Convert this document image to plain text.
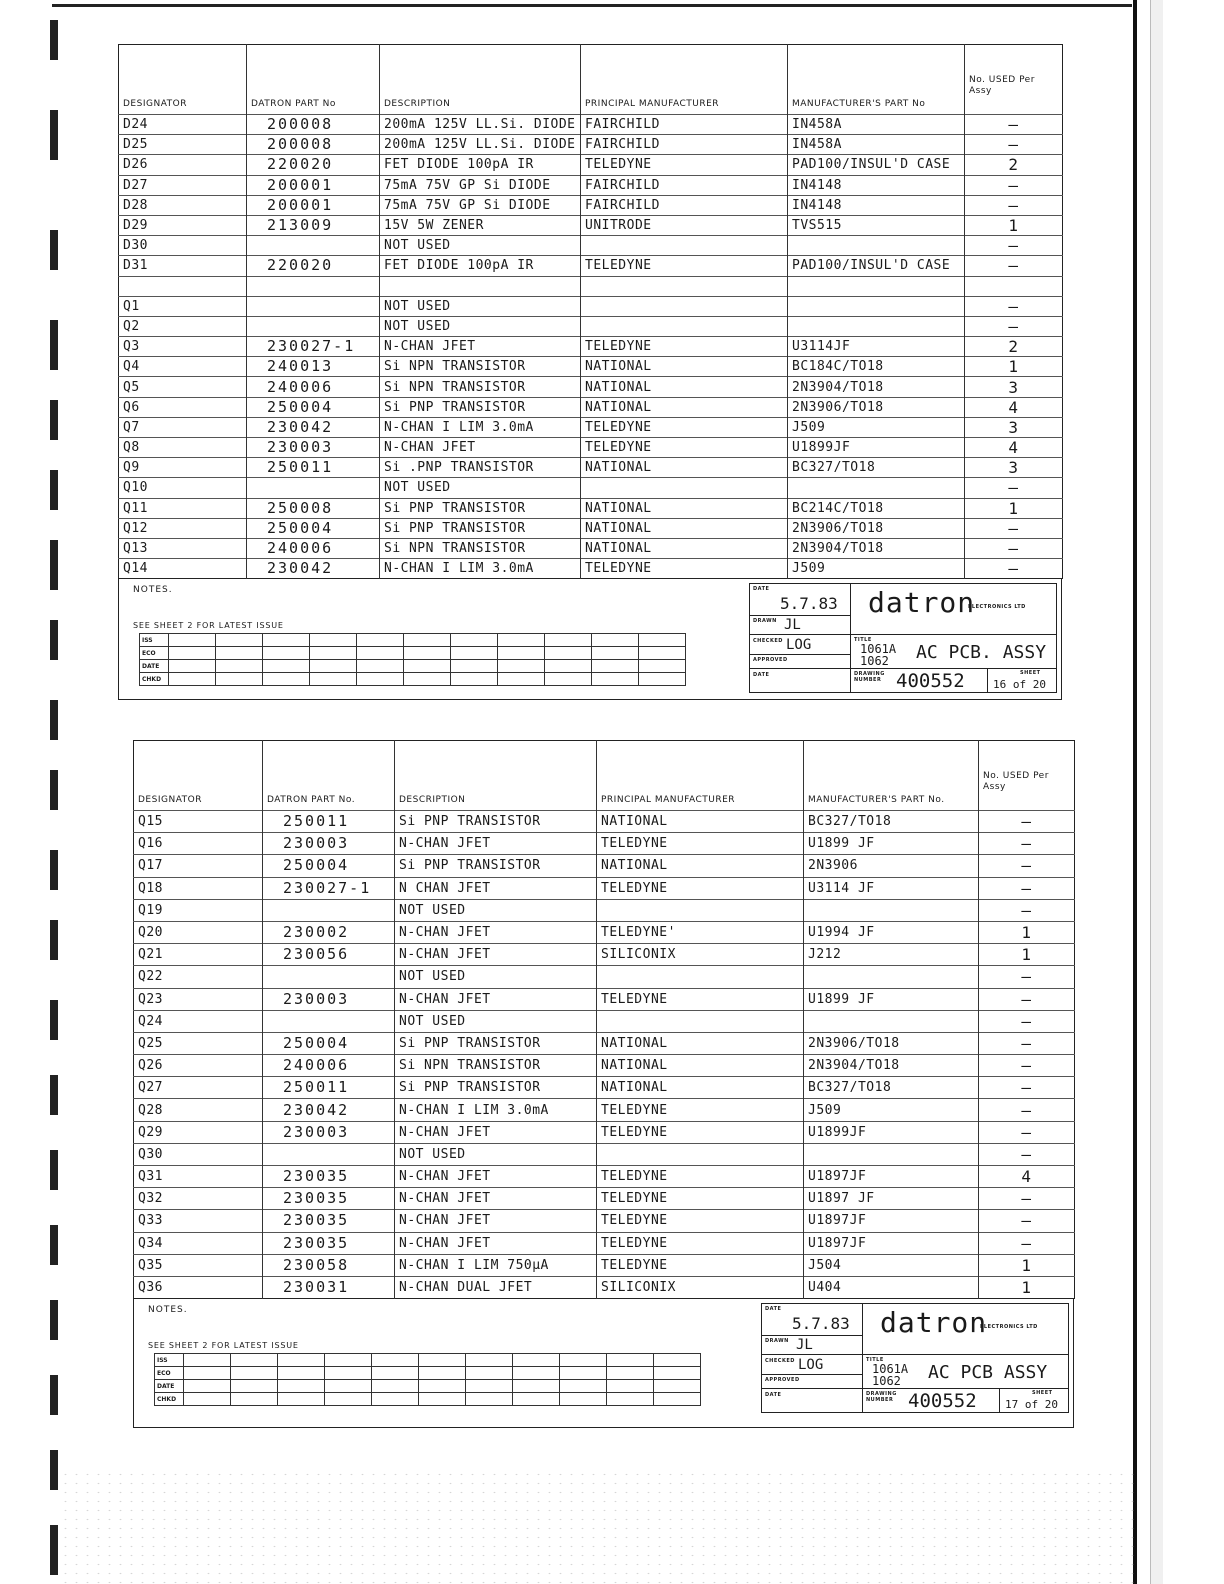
DESIGNATOR	DATRON PART No	DESCRIPTION	PRINCIPAL MANUFACTURER	MANUFACTURER'S PART No	No. USED Per Assy
D24	200008	200mA 125V LL.Si. DIODE	FAIRCHILD	IN458A	—
D25	200008	200mA 125V LL.Si. DIODE	FAIRCHILD	IN458A	—
D26	220020	FET DIODE 100pA IR	TELEDYNE	PAD100/INSUL'D CASE	2
D27	200001	75mA 75V GP Si DIODE	FAIRCHILD	IN4148	—
D28	200001	75mA 75V GP Si DIODE	FAIRCHILD	IN4148	—
D29	213009	15V 5W ZENER	UNITRODE	TVS515	1
D30		NOT USED			—
D31	220020	FET DIODE 100pA IR	TELEDYNE	PAD100/INSUL'D CASE	—

Q1		NOT USED			—
Q2		NOT USED			—
Q3	230027-1	N-CHAN JFET	TELEDYNE	U3114JF	2
Q4	240013	Si NPN TRANSISTOR	NATIONAL	BC184C/TO18	1
Q5	240006	Si NPN TRANSISTOR	NATIONAL	2N3904/TO18	3
Q6	250004	Si PNP TRANSISTOR	NATIONAL	2N3906/TO18	4
Q7	230042	N-CHAN I LIM 3.0mA	TELEDYNE	J509	3
Q8	230003	N-CHAN JFET	TELEDYNE	U1899JF	4
Q9	250011	Si .PNP TRANSISTOR	NATIONAL	BC327/TO18	3
Q10		NOT USED			—
Q11	250008	Si PNP TRANSISTOR	NATIONAL	BC214C/TO18	1
Q12	250004	Si PNP TRANSISTOR	NATIONAL	2N3906/TO18	—
Q13	240006	Si NPN TRANSISTOR	NATIONAL	2N3904/TO18	—
Q14	230042	N-CHAN I LIM 3.0mA	TELEDYNE	J509	—
NOTES.
SEE SHEET 2 FOR LATEST ISSUE
ISS											
ECO											
DATE											
CHKD											
DATE
5.7.83
DRAWN JL
CHECKED LOG
APPROVED
DATE
datron
ELECTRONICS LTD
TITLE
1061A
1062 AC PCB. ASSY
DRAWING NUMBER 400552	SHEET
16 of 20
DESIGNATOR	DATRON PART No.	DESCRIPTION	PRINCIPAL MANUFACTURER	MANUFACTURER'S PART No.	No. USED Per Assy
Q15	250011	Si PNP TRANSISTOR	NATIONAL	BC327/TO18	—
Q16	230003	N-CHAN JFET	TELEDYNE	U1899 JF	—
Q17	250004	Si PNP TRANSISTOR	NATIONAL	2N3906	—
Q18	230027-1	N CHAN JFET	TELEDYNE	U3114 JF	—
Q19		NOT USED			—
Q20	230002	N-CHAN JFET	TELEDYNE'	U1994 JF	1
Q21	230056	N-CHAN JFET	SILICONIX	J212	1
Q22		NOT USED			—
Q23	230003	N-CHAN JFET	TELEDYNE	U1899 JF	—
Q24		NOT USED			—
Q25	250004	Si PNP TRANSISTOR	NATIONAL	2N3906/TO18	—
Q26	240006	Si NPN TRANSISTOR	NATIONAL	2N3904/TO18	—
Q27	250011	Si PNP TRANSISTOR	NATIONAL	BC327/TO18	—
Q28	230042	N-CHAN I LIM 3.0mA	TELEDYNE	J509	—
Q29	230003	N-CHAN JFET	TELEDYNE	U1899JF	—
Q30		NOT USED			—
Q31	230035	N-CHAN JFET	TELEDYNE	U1897JF	4
Q32	230035	N-CHAN JFET	TELEDYNE	U1897 JF	—
Q33	230035	N-CHAN JFET	TELEDYNE	U1897JF	—
Q34	230035	N-CHAN JFET	TELEDYNE	U1897JF	—
Q35	230058	N-CHAN I LIM 750µA	TELEDYNE	J504	1
Q36	230031	N-CHAN DUAL JFET	SILICONIX	U404	1
NOTES.
SEE SHEET 2 FOR LATEST ISSUE
ISS											
ECO											
DATE											
CHKD											
DATE
5.7.83
DRAWN JL
CHECKED LOG
APPROVED
DATE
datron
ELECTRONICS LTD
TITLE
1061A
1062 AC PCB ASSY
DRAWING NUMBER 400552	SHEET
17 of 20
